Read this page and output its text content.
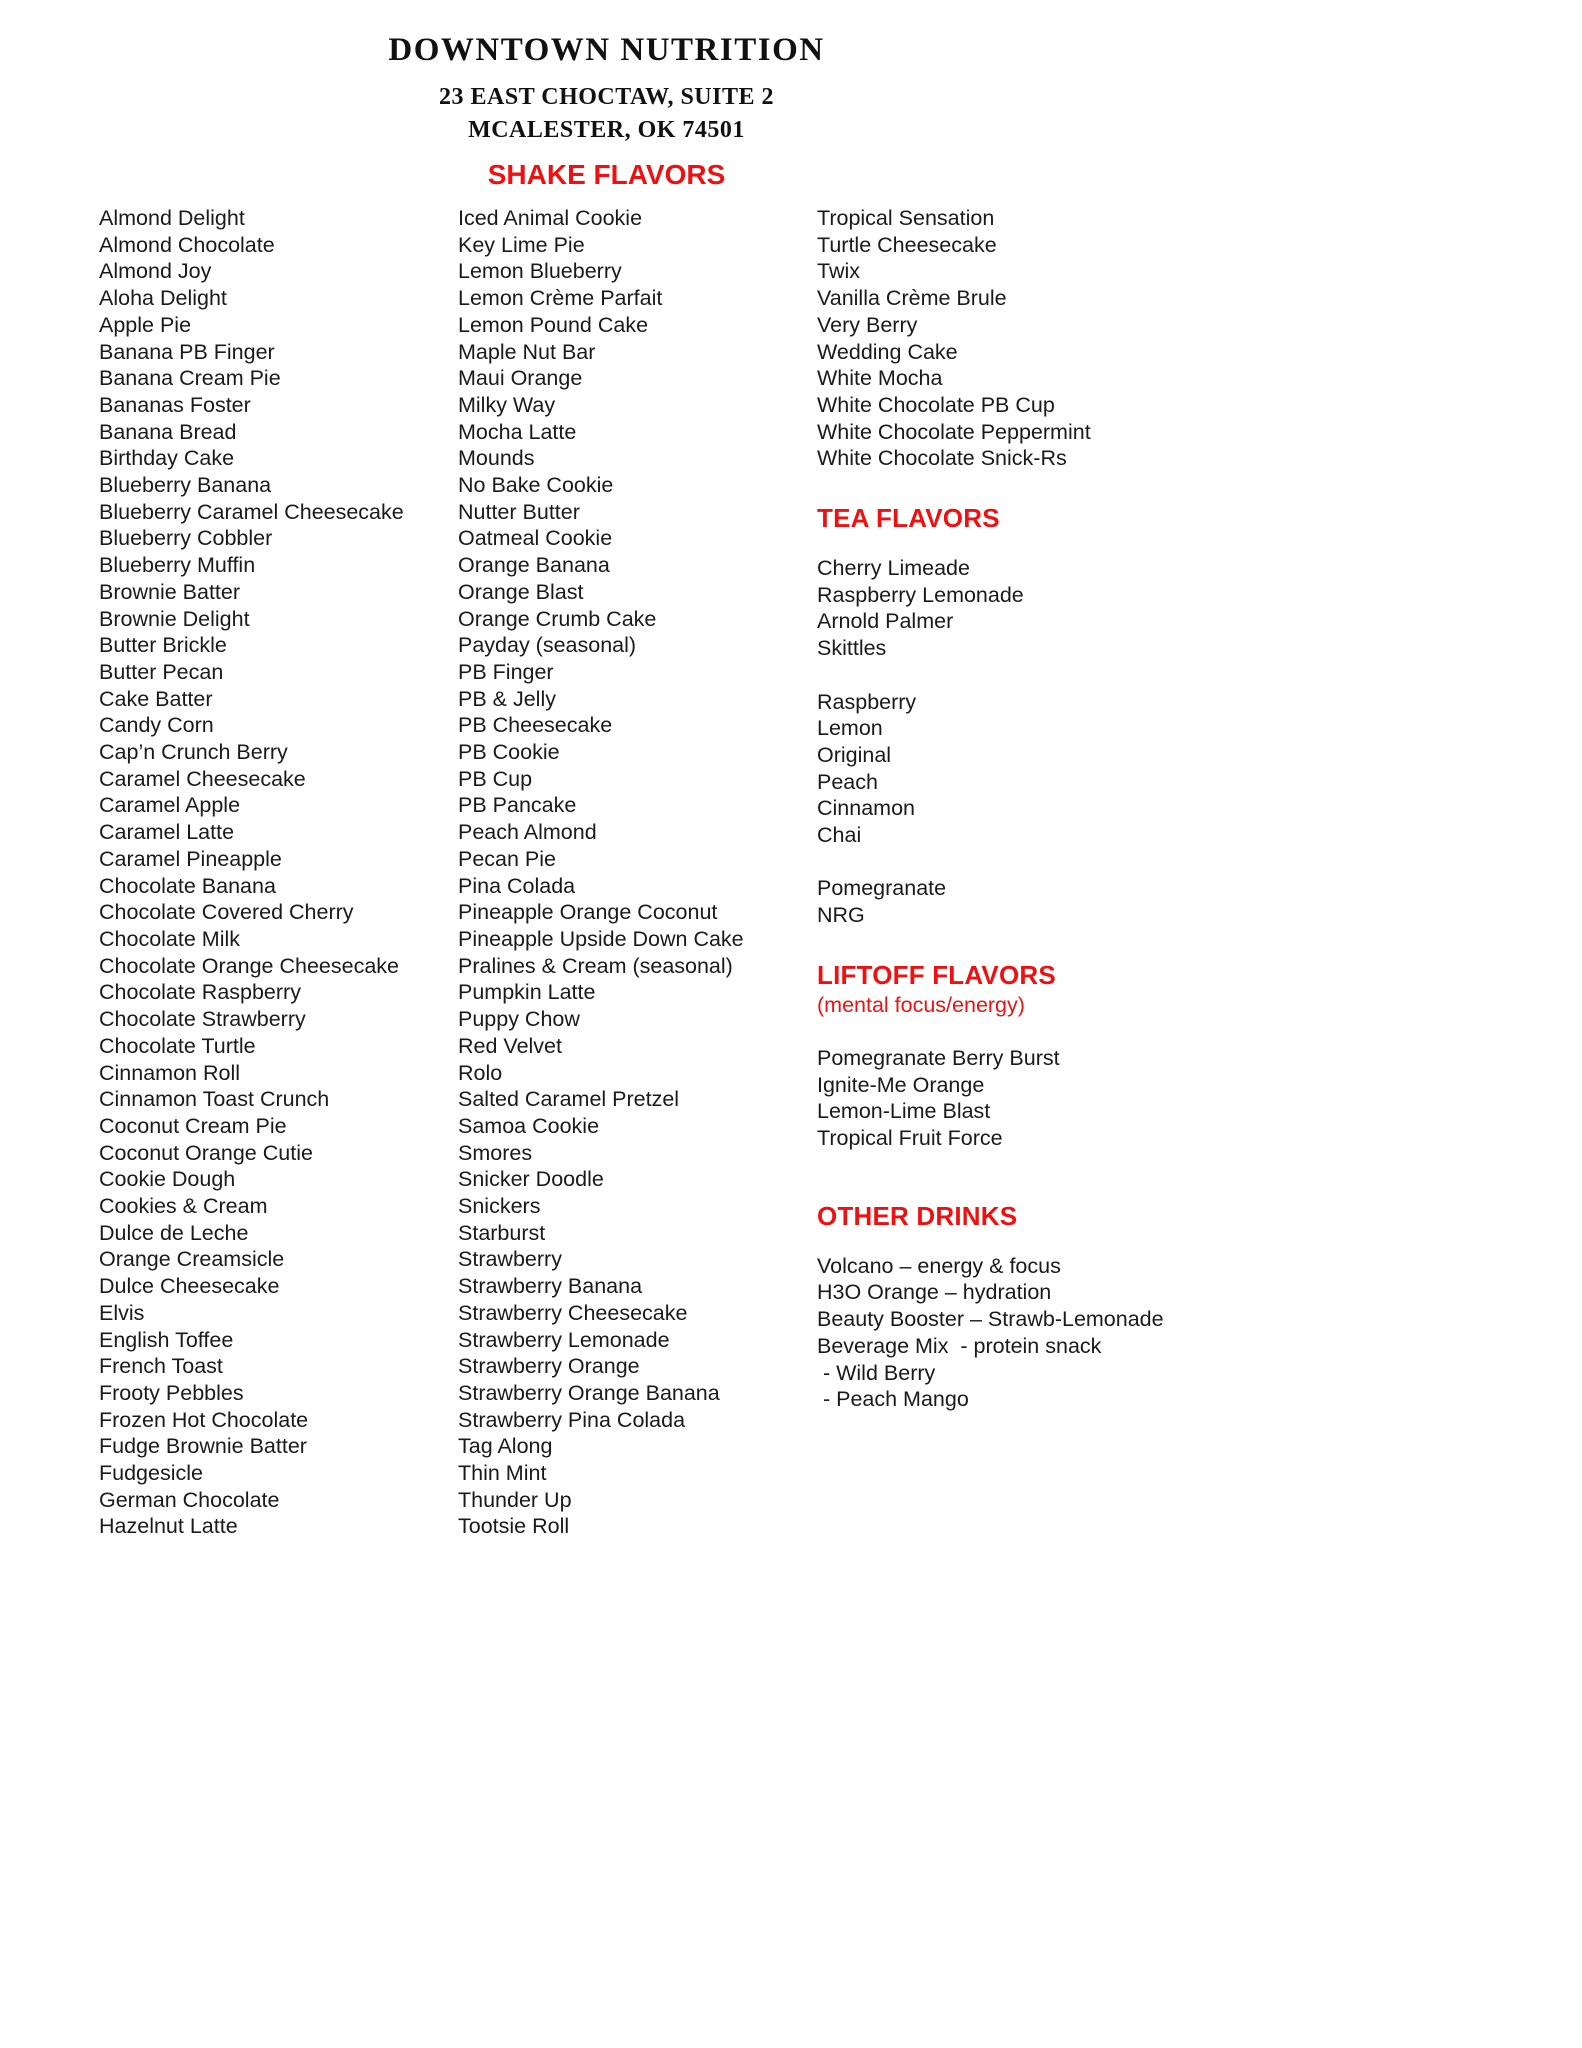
DOWNTOWN NUTRITION
23 EAST CHOCTAW, SUITE 2
MCALESTER, OK 74501
SHAKE FLAVORS
Almond Delight
Almond Chocolate
Almond Joy
Aloha Delight
Apple Pie
Banana PB Finger
Banana Cream Pie
Bananas Foster
Banana Bread
Birthday Cake
Blueberry Banana
Blueberry Caramel Cheesecake
Blueberry Cobbler
Blueberry Muffin
Brownie Batter
Brownie Delight
Butter Brickle
Butter Pecan
Cake Batter
Candy Corn
Cap’n Crunch Berry
Caramel Cheesecake
Caramel Apple
Caramel Latte
Caramel Pineapple
Chocolate Banana
Chocolate Covered Cherry
Chocolate Milk
Chocolate Orange Cheesecake
Chocolate Raspberry
Chocolate Strawberry
Chocolate Turtle
Cinnamon Roll
Cinnamon Toast Crunch
Coconut Cream Pie
Coconut Orange Cutie
Cookie Dough
Cookies & Cream
Dulce de Leche
Orange Creamsicle
Dulce Cheesecake
Elvis
English Toffee
French Toast
Frooty Pebbles
Frozen Hot Chocolate
Fudge Brownie Batter
Fudgesicle
German Chocolate
Hazelnut Latte
Iced Animal Cookie
Key Lime Pie
Lemon Blueberry
Lemon Crème Parfait
Lemon Pound Cake
Maple Nut Bar
Maui Orange
Milky Way
Mocha Latte
Mounds
No Bake Cookie
Nutter Butter
Oatmeal Cookie
Orange Banana
Orange Blast
Orange Crumb Cake
Payday (seasonal)
PB Finger
PB & Jelly
PB Cheesecake
PB Cookie
PB Cup
PB Pancake
Peach Almond
Pecan Pie
Pina Colada
Pineapple Orange Coconut
Pineapple Upside Down Cake
Pralines & Cream (seasonal)
Pumpkin Latte
Puppy Chow
Red Velvet
Rolo
Salted Caramel Pretzel
Samoa Cookie
Smores
Snicker Doodle
Snickers
Starburst
Strawberry
Strawberry Banana
Strawberry Cheesecake
Strawberry Lemonade
Strawberry Orange
Strawberry Orange Banana
Strawberry Pina Colada
Tag Along
Thin Mint
Thunder Up
Tootsie Roll
Tropical Sensation
Turtle Cheesecake
Twix
Vanilla Crème Brule
Very Berry
Wedding Cake
White Mocha
White Chocolate PB Cup
White Chocolate Peppermint
White Chocolate Snick-Rs
TEA FLAVORS
Cherry Limeade
Raspberry Lemonade
Arnold Palmer
Skittles

Raspberry
Lemon
Original
Peach
Cinnamon
Chai

Pomegranate
NRG
LIFTOFF FLAVORS
(mental focus/energy)
Pomegranate Berry Burst
Ignite-Me Orange
Lemon-Lime Blast
Tropical Fruit Force
OTHER DRINKS
Volcano – energy & focus
H3O Orange – hydration
Beauty Booster – Strawb-Lemonade
Beverage Mix  - protein snack
- Wild Berry
- Peach Mango
